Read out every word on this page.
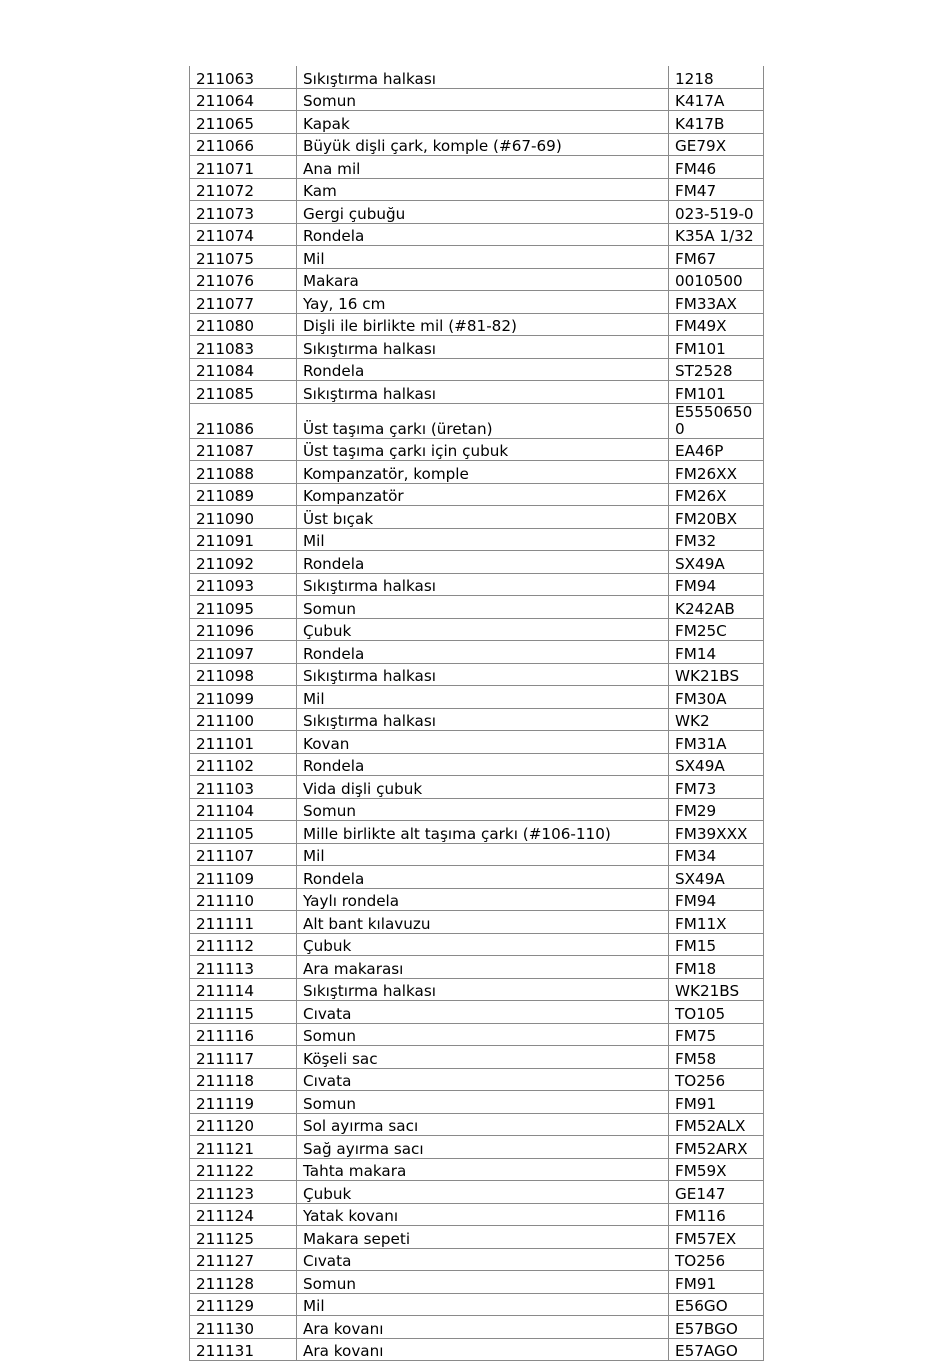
211063	Sıkıştırma halkası	1218
211064	Somun	K417A
211065	Kapak	K417B
211066	Büyük dişli çark, komple (#67-69)	GE79X
211071	Ana mil	FM46
211072	Kam	FM47
211073	Gergi çubuğu	023-519-0
211074	Rondela	K35A 1/32
211075	Mil	FM67
211076	Makara	0010500
211077	Yay, 16 cm	FM33AX
211080	Dişli ile birlikte mil (#81-82)	FM49X
211083	Sıkıştırma halkası	FM101
211084	Rondela	ST2528
211085	Sıkıştırma halkası	FM101
211086	Üst taşıma çarkı (üretan)	E55506500
211087	Üst taşıma çarkı için çubuk	EA46P
211088	Kompanzatör, komple	FM26XX
211089	Kompanzatör	FM26X
211090	Üst bıçak	FM20BX
211091	Mil	FM32
211092	Rondela	SX49A
211093	Sıkıştırma halkası	FM94
211095	Somun	K242AB
211096	Çubuk	FM25C
211097	Rondela	FM14
211098	Sıkıştırma halkası	WK21BS
211099	Mil	FM30A
211100	Sıkıştırma halkası	WK2
211101	Kovan	FM31A
211102	Rondela	SX49A
211103	Vida dişli çubuk	FM73
211104	Somun	FM29
211105	Mille birlikte alt taşıma çarkı (#106-110)	FM39XXX
211107	Mil	FM34
211109	Rondela	SX49A
211110	Yaylı rondela	FM94
211111	Alt bant kılavuzu	FM11X
211112	Çubuk	FM15
211113	Ara makarası	FM18
211114	Sıkıştırma halkası	WK21BS
211115	Cıvata	TO105
211116	Somun	FM75
211117	Köşeli sac	FM58
211118	Cıvata	TO256
211119	Somun	FM91
211120	Sol ayırma sacı	FM52ALX
211121	Sağ ayırma sacı	FM52ARX
211122	Tahta makara	FM59X
211123	Çubuk	GE147
211124	Yatak kovanı	FM116
211125	Makara sepeti	FM57EX
211127	Cıvata	TO256
211128	Somun	FM91
211129	Mil	E56GO
211130	Ara kovanı	E57BGO
211131	Ara kovanı	E57AGO
